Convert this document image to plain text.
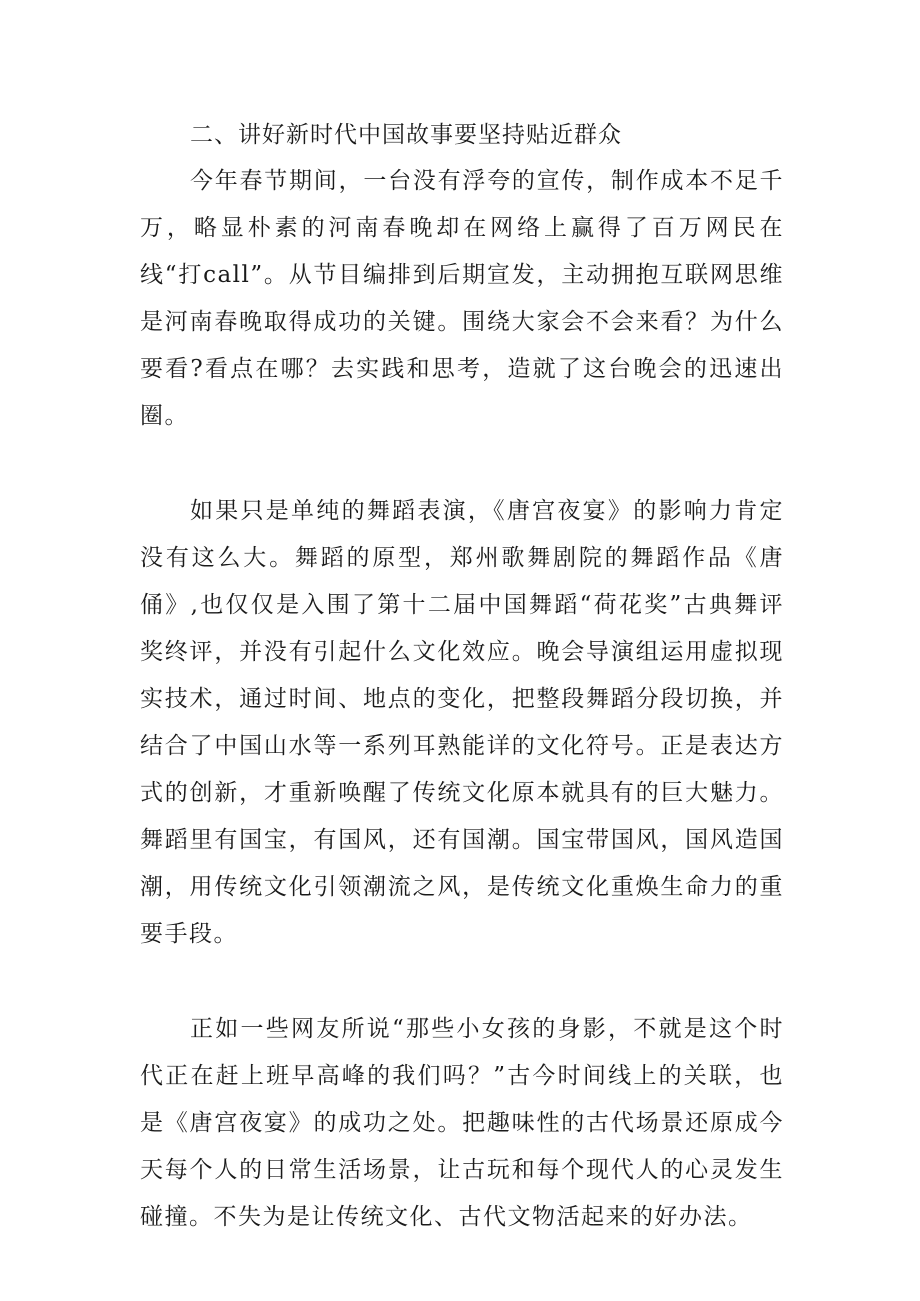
二、讲好新时代中国故事要坚持贴近群众

今年春节期间，一台没有浮夸的宣传，制作成本不足千万，略显朴素的河南春晚却在网络上赢得了百万网民在线“打call”。从节目编排到后期宣发，主动拥抱互联网思维是河南春晚取得成功的关键。围绕大家会不会来看？为什么要看?看点在哪？去实践和思考，造就了这台晚会的迅速出圈。

如果只是单纯的舞蹈表演，《唐宫夜宴》的影响力肯定没有这么大。舞蹈的原型，郑州歌舞剧院的舞蹈作品《唐俑》,也仅仅是入围了第十二届中国舞蹈“荷花奖”古典舞评奖终评，并没有引起什么文化效应。晚会导演组运用虚拟现实技术，通过时间、地点的变化，把整段舞蹈分段切换，并结合了中国山水等一系列耳熟能详的文化符号。正是表达方式的创新，才重新唤醒了传统文化原本就具有的巨大魅力。舞蹈里有国宝，有国风，还有国潮。国宝带国风，国风造国潮，用传统文化引领潮流之风，是传统文化重焕生命力的重要手段。

正如一些网友所说“那些小女孩的身影，不就是这个时代正在赶上班早高峰的我们吗？”古今时间线上的关联，也是《唐宫夜宴》的成功之处。把趣味性的古代场景还原成今天每个人的日常生活场景，让古玩和每个现代人的心灵发生碰撞。不失为是让传统文化、古代文物活起来的好办法。
